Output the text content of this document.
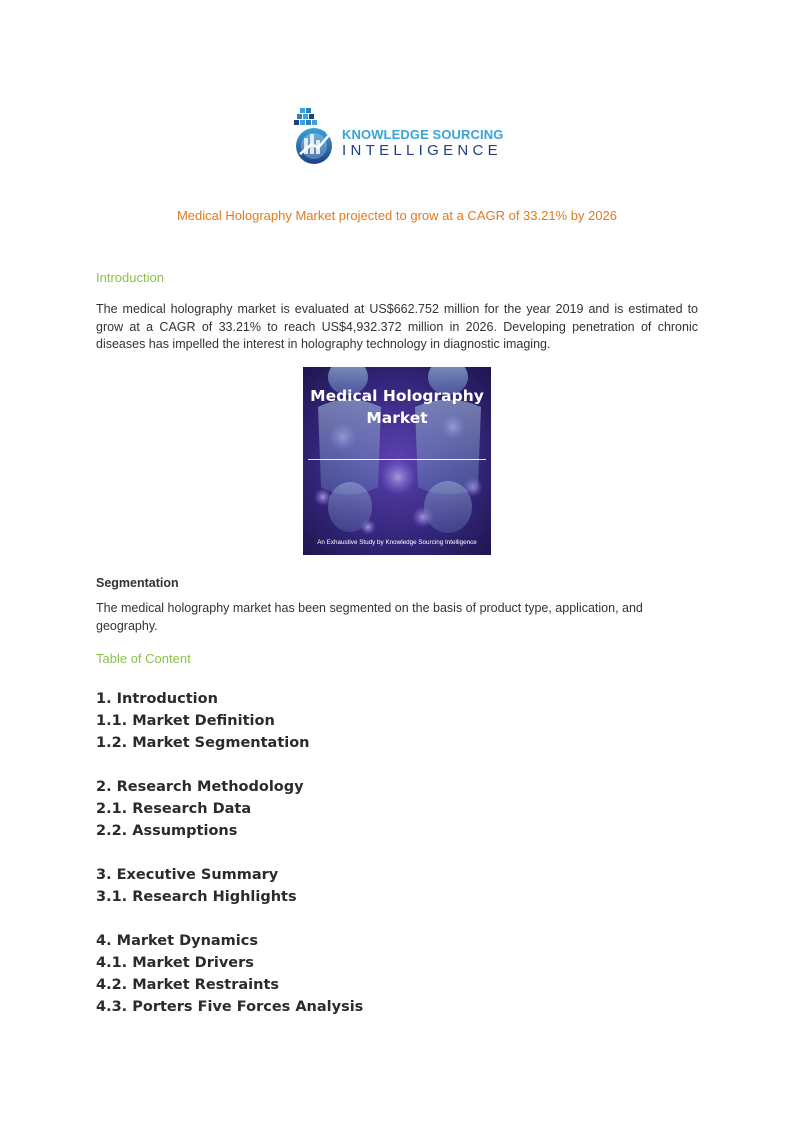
KNOWLEDGE SOURCING
INTELLIGENCE
Medical Holography Market projected to grow at a CAGR of 33.21% by 2026
Introduction
The medical holography market is evaluated at US$662.752 million for the year 2019 and is estimated to grow at a CAGR of 33.21% to reach US$4,932.372 million in 2026. Developing penetration of chronic diseases has impelled the interest in holography technology in diagnostic imaging.
Medical Holography
Market
An Exhaustive Study by Knowledge Sourcing Intelligence
Segmentation
The medical holography market has been segmented on the basis of product type, application, and geography.
Table of Content
1. Introduction
1.1. Market Definition
1.2. Market Segmentation
2. Research Methodology
2.1. Research Data
2.2. Assumptions
3. Executive Summary
3.1. Research Highlights
4. Market Dynamics
4.1. Market Drivers
4.2. Market Restraints
4.3. Porters Five Forces Analysis
